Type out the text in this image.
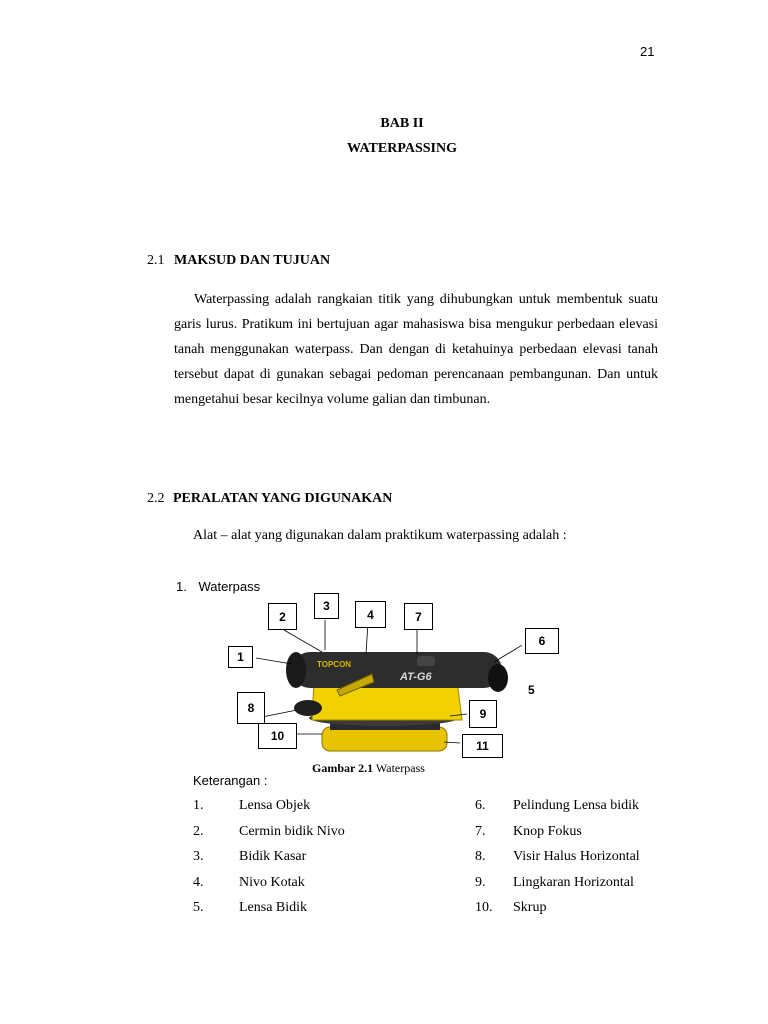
21
BAB II
WATERPASSING
2.1 MAKSUD DAN TUJUAN

Waterpassing adalah rangkaian titik yang dihubungkan untuk membentuk suatu garis lurus. Pratikum ini bertujuan agar mahasiswa bisa mengukur perbedaan elevasi tanah menggunakan waterpass. Dan dengan di ketahuinya perbedaan elevasi tanah tersebut dapat di gunakan sebagai pedoman perencanaan pembangunan. Dan untuk mengetahui besar kecilnya volume galian dan timbunan.

2.2 PERALATAN YANG DIGUNAKAN
Alat – alat yang digunakan dalam praktikum waterpassing adalah :
1. Waterpass
TOPCON
AT-G6
1
2
3
4	7
6
5
8	9
10
11
Gambar 2.1 Waterpass
Keterangan :
1.	Lensa Objek
2.	Cermin bidik Nivo
3.	Bidik Kasar
4.	Nivo Kotak
5.	Lensa Bidik
6. Pelindung Lensa bidik
7. Knop Fokus
8. Visir Halus Horizontal
9. Lingkaran Horizontal
10. Skrup
